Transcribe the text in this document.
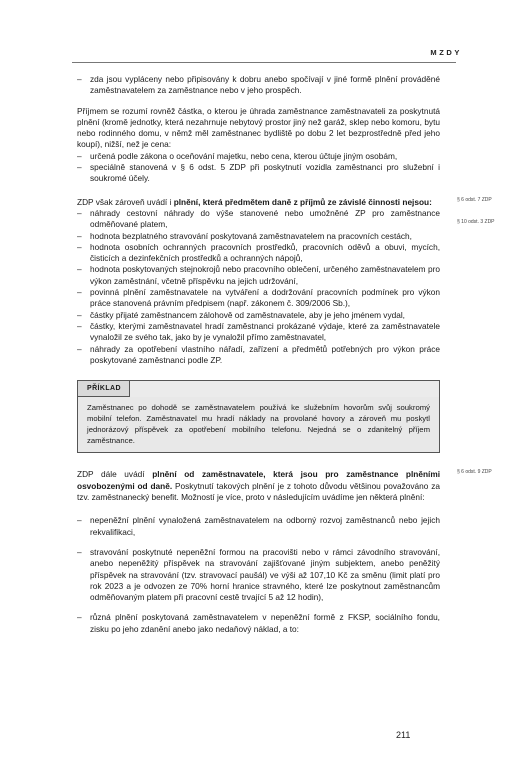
MZDY
– zda jsou vypláceny nebo připisovány k dobru anebo spočívají v jiné formě plnění prováděné zaměstnavatelem za zaměstnance nebo v jeho prospěch.

Příjmem se rozumí rovněž částka, o kterou je úhrada zaměstnance zaměstnavateli za poskytnutá plnění (kromě jednotky, která nezahrnuje nebytový prostor jiný než garáž, sklep nebo komoru, bytu nebo rodinného domu, v němž měl zaměstnanec bydliště po dobu 2 let bezprostředně před jeho koupí), nižší, než je cena:

– určená podle zákona o oceňování majetku, nebo cena, kterou účtuje jiným osobám,
– speciálně stanovená v § 6 odst. 5 ZDP při poskytnutí vozidla zaměstnanci pro služební i soukromé účely.
§ 6 odst. 7 ZDP
§ 10 odst. 3 ZDP

ZDP však zároveň uvádí i plnění, která předmětem daně z příjmů ze závislé činnosti nejsou:

– náhrady cestovní náhrady do výše stanovené nebo umožněné ZP pro zaměstnance odměňované platem,
– hodnota bezplatného stravování poskytovaná zaměstnavatelem na pracovních cestách,
– hodnota osobních ochranných pracovních prostředků, pracovních oděvů a obuvi, mycích, čisticích a dezinfekčních prostředků a ochranných nápojů,
– hodnota poskytovaných stejnokrojů nebo pracovního oblečení, určeného zaměstnavatelem pro výkon zaměstnání, včetně příspěvku na jejich udržování,
– povinná plnění zaměstnavatele na vytváření a dodržování pracovních podmínek pro výkon práce stanovená právním předpisem (např. zákonem č. 309/2006 Sb.),
– částky přijaté zaměstnancem zálohově od zaměstnavatele, aby je jeho jménem vydal,
– částky, kterými zaměstnavatel hradí zaměstnanci prokázané výdaje, které za zaměstnavatele vynaložil ze svého tak, jako by je vynaložil přímo zaměstnavatel,
– náhrady za opotřebení vlastního nářadí, zařízení a předmětů potřebných pro výkon práce poskytované zaměstnanci podle ZP.
PŘÍKLAD
Zaměstnanec po dohodě se zaměstnavatelem používá ke služebním hovorům svůj soukromý mobilní telefon. Zaměstnavatel mu hradí náklady na provolané hovory a zároveň mu poskytl jednorázový příspěvek za opotřebení mobilního telefonu. Nejedná se o zdanitelný příjem zaměstnance.
§ 6 odst. 9 ZDP

ZDP dále uvádí plnění od zaměstnavatele, která jsou pro zaměstnance plněními osvobozenými od daně. Poskytnutí takových plnění je z tohoto důvodu většinou považováno za tzv. zaměstnanecký benefit. Možností je více, proto v následujícím uvádíme jen některá plnění:

– nepeněžní plnění vynaložená zaměstnavatelem na odborný rozvoj zaměstnanců nebo jejich rekvalifikaci,
– stravování poskytnuté nepeněžní formou na pracovišti nebo v rámci závodního stravování, anebo nepeněžitý příspěvek na stravování zajišťované jiným subjektem, anebo peněžitý příspěvek na stravování (tzv. stravovací paušál) ve výši až 107,10 Kč za směnu (limit platí pro rok 2023 a je odvozen ze 70% horní hranice stravného, které lze poskytnout zaměstnancům odměňovaným platem při pracovní cestě trvající 5 až 12 hodin),
– různá plnění poskytovaná zaměstnavatelem v nepeněžní formě z FKSP, sociálního fondu, zisku po jeho zdanění anebo jako nedaňový náklad, a to:
211
